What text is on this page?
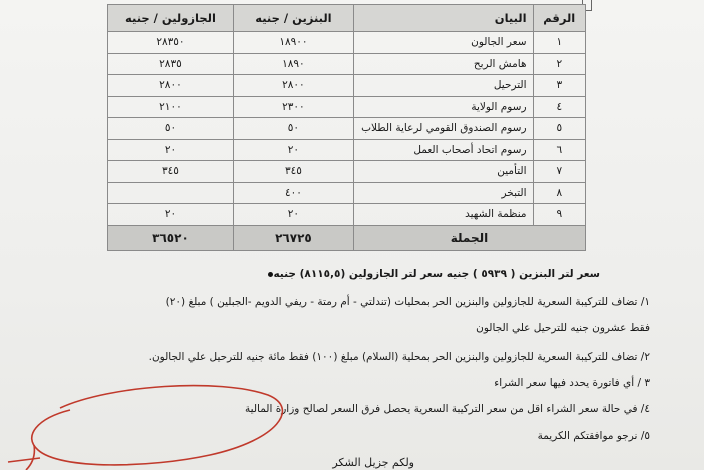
الرقم	البيان	البنزين / جنيه	الجازولين / جنيه
١	سعر الجالون	١٨٩٠٠	٢٨٣٥٠
٢	هامش الربح	١٨٩٠	٢٨٣٥
٣	الترحيل	٢٨٠٠	٢٨٠٠
٤	رسوم الولاية	٢٣٠٠	٢١٠٠
٥	رسوم الصندوق القومي لرعاية الطلاب	٥٠	٥٠
٦	رسوم اتحاد أصحاب العمل	٢٠	٢٠
٧	التأمين	٣٤٥	٣٤٥
٨	التبخر	٤٠٠	
٩	منظمة الشهيد	٢٠	٢٠
الجملة		٢٦٧٢٥	٣٦٥٢٠
سعر لتر البنزين ( ٥٩٣٩ ) جنيه سعر لتر الجازولين (٨١١٥,٥) جنيه
١/ تضاف للتركيبة السعرية للجازولين والبنزين الحر بمحليات (تندلتي - أم رمتة - ريفي الدويم -الجبلين ) مبلغ (٢٠)
فقط عشرون جنيه للترحيل علي الجالون
٢/ تضاف للتركيبة السعرية للجازولين والبنزين الحر بمحلية (السلام) مبلغ (١٠٠) فقط مائة جنيه للترحيل علي الجالون.
٣ / أي فاتورة يحدد فيها سعر الشراء
٤/ في حالة سعر الشراء اقل من سعر التركيبة السعرية يحصل فرق السعر لصالح وزارة المالية
٥/ نرجو موافقتكم الكريمة
ولكم جزيل الشكر
